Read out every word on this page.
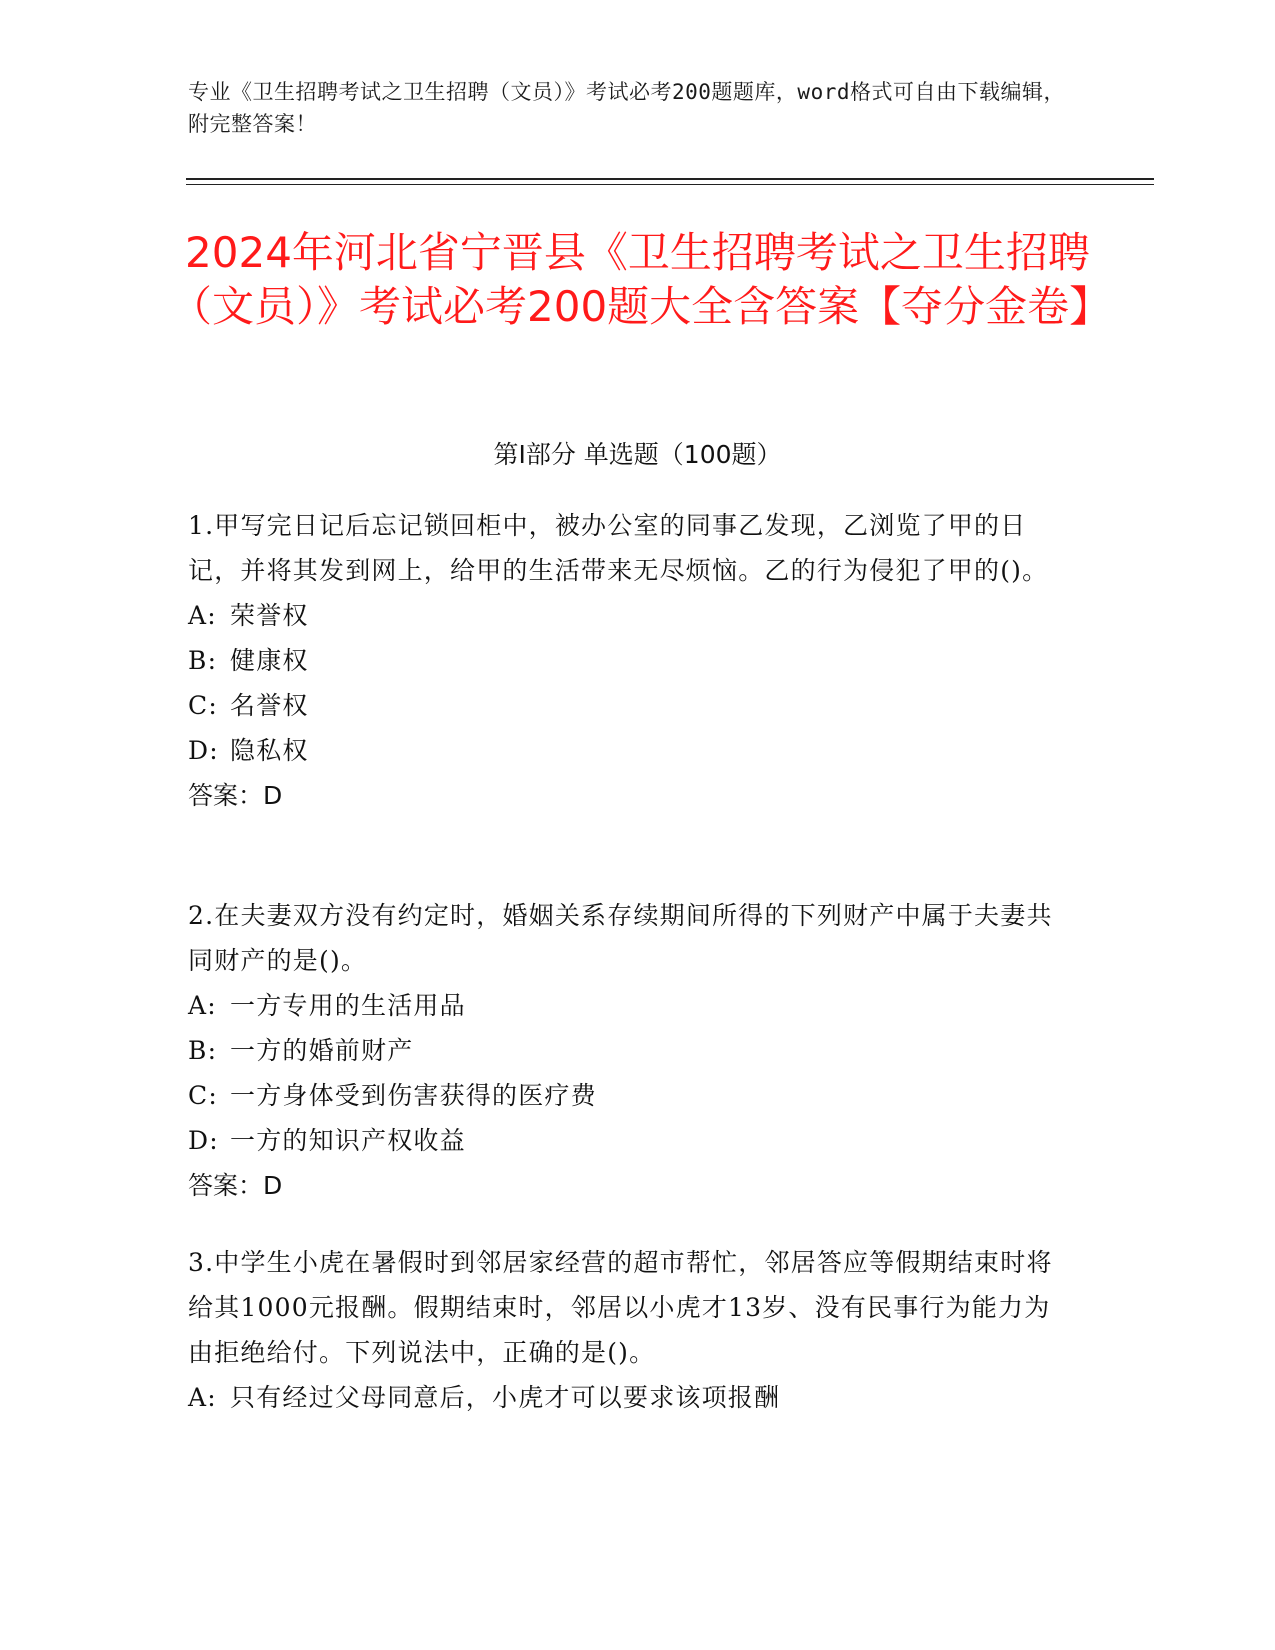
专业《卫生招聘考试之卫生招聘（文员）》考试必考200题题库，word格式可自由下载编辑，附完整答案！
2024年河北省宁晋县《卫生招聘考试之卫生招聘（文员）》考试必考200题大全含答案【夺分金卷】
第Ⅰ部分 单选题（100题）

1.甲写完日记后忘记锁回柜中，被办公室的同事乙发现，乙浏览了甲的日记，并将其发到网上，给甲的生活带来无尽烦恼。乙的行为侵犯了甲的()。

A: 荣誉权

B: 健康权

C: 名誉权

D: 隐私权

答案：D

2.在夫妻双方没有约定时，婚姻关系存续期间所得的下列财产中属于夫妻共同财产的是()。

A: 一方专用的生活用品

B: 一方的婚前财产

C: 一方身体受到伤害获得的医疗费

D: 一方的知识产权收益

答案：D

3.中学生小虎在暑假时到邻居家经营的超市帮忙，邻居答应等假期结束时将给其1000元报酬。假期结束时，邻居以小虎才13岁、没有民事行为能力为由拒绝给付。下列说法中，正确的是()。

A: 只有经过父母同意后，小虎才可以要求该项报酬
